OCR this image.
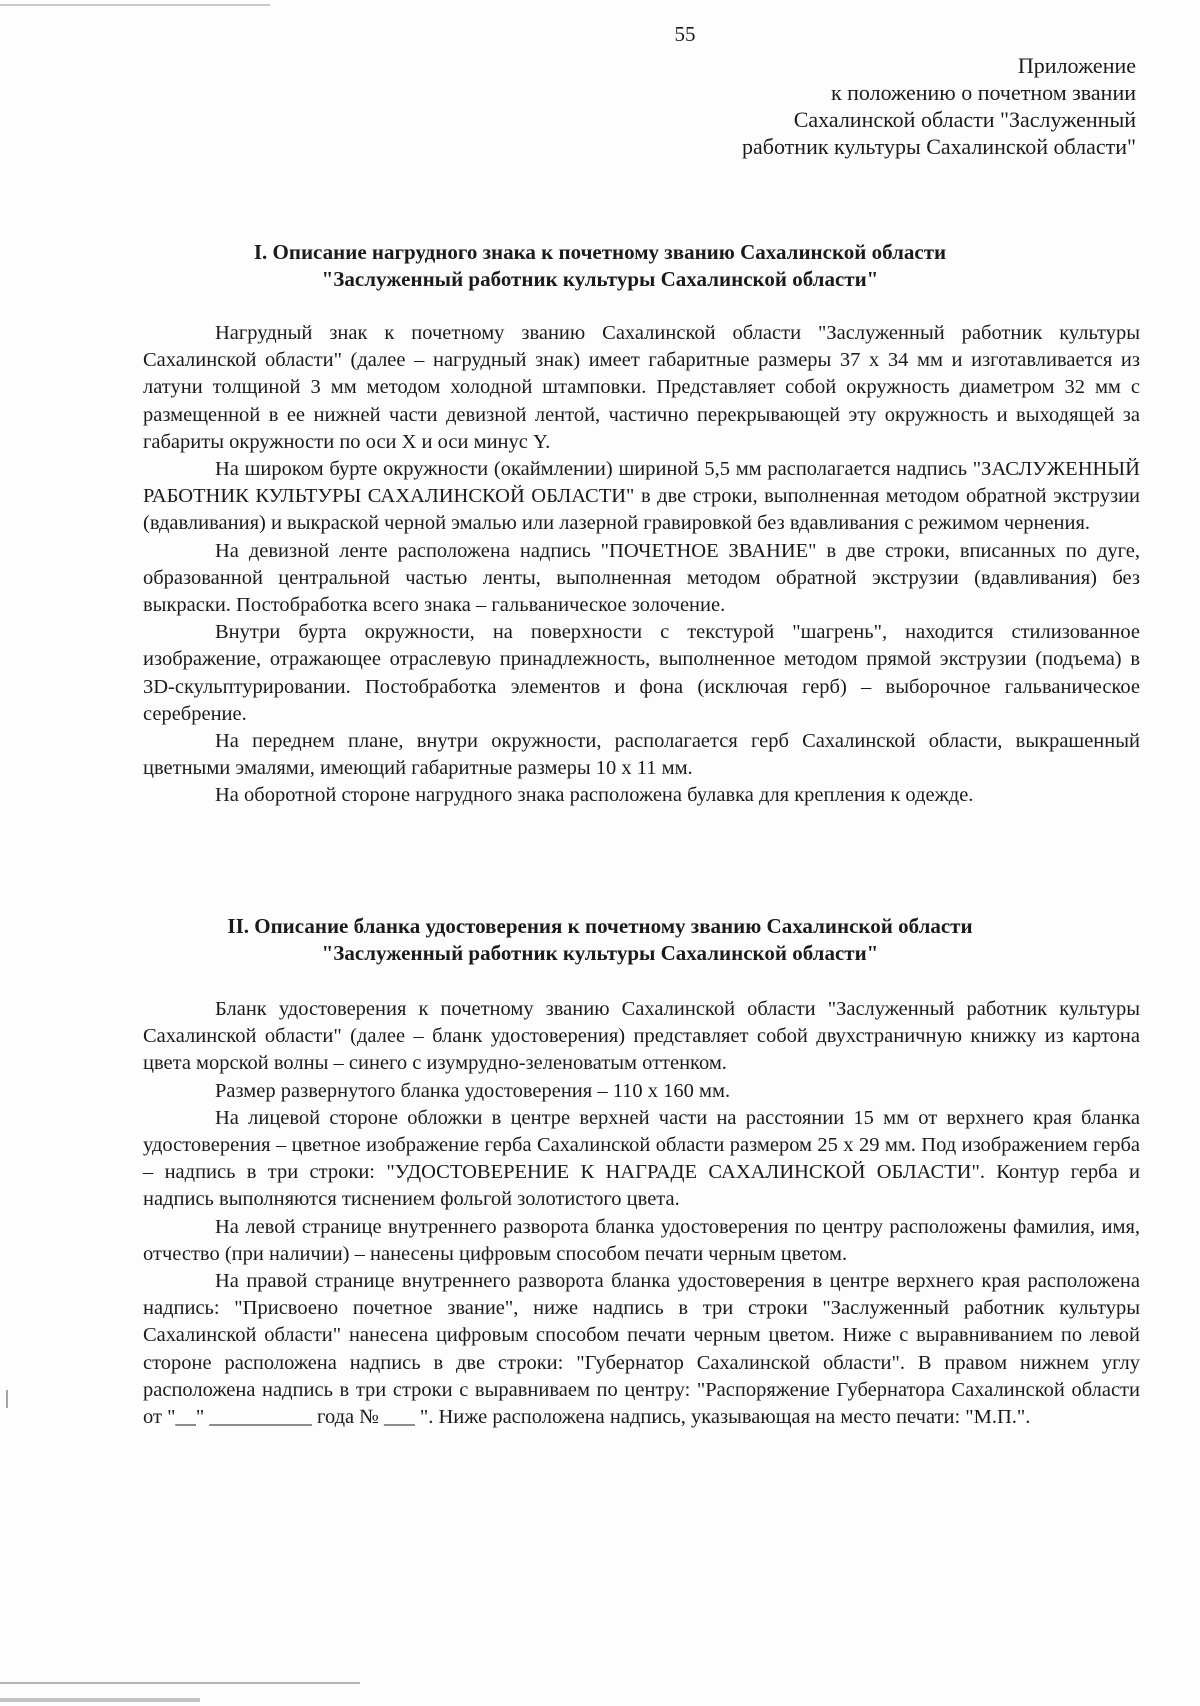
55
Приложение
к положению о почетном звании
Сахалинской области "Заслуженный
работник культуры Сахалинской области"
I. Описание нагрудного знака к почетному званию Сахалинской области
"Заслуженный работник культуры Сахалинской области"

Нагрудный знак к почетному званию Сахалинской области "Заслуженный работник культуры Сахалинской области" (далее – нагрудный знак) имеет габаритные размеры 37 х 34 мм и изготавливается из латуни толщиной 3 мм методом холодной штамповки. Представляет собой окружность диаметром 32 мм с размещенной в ее нижней части девизной лентой, частично перекрывающей эту окружность и выходящей за габариты окружности по оси X и оси минус Y.

На широком бурте окружности (окаймлении) шириной 5,5 мм располагается надпись "ЗАСЛУЖЕННЫЙ РАБОТНИК КУЛЬТУРЫ САХАЛИНСКОЙ ОБЛАСТИ" в две строки, выполненная методом обратной экструзии (вдавливания) и выкраской черной эмалью или лазерной гравировкой без вдавливания с режимом чернения.

На девизной ленте расположена надпись "ПОЧЕТНОЕ ЗВАНИЕ" в две строки, вписанных по дуге, образованной центральной частью ленты, выполненная методом обратной экструзии (вдавливания) без выкраски. Постобработка всего знака – гальваническое золочение.

Внутри бурта окружности, на поверхности с текстурой "шагрень", находится стилизованное изображение, отражающее отраслевую принадлежность, выполненное методом прямой экструзии (подъема) в 3D-скульптурировании. Постобработка элементов и фона (исключая герб) – выборочное гальваническое серебрение.

На переднем плане, внутри окружности, располагается герб Сахалинской области, выкрашенный цветными эмалями, имеющий габаритные размеры 10 х 11 мм.

На оборотной стороне нагрудного знака расположена булавка для крепления к одежде.

II. Описание бланка удостоверения к почетному званию Сахалинской области
"Заслуженный работник культуры Сахалинской области"

Бланк удостоверения к почетному званию Сахалинской области "Заслуженный работник культуры Сахалинской области" (далее – бланк удостоверения) представляет собой двухстраничную книжку из картона цвета морской волны – синего с изумрудно-зеленоватым оттенком.

Размер развернутого бланка удостоверения – 110 х 160 мм.

На лицевой стороне обложки в центре верхней части на расстоянии 15 мм от верхнего края бланка удостоверения – цветное изображение герба Сахалинской области размером 25 х 29 мм. Под изображением герба – надпись в три строки: "УДОСТОВЕРЕНИЕ К НАГРАДЕ САХАЛИНСКОЙ ОБЛАСТИ". Контур герба и надпись выполняются тиснением фольгой золотистого цвета.

На левой странице внутреннего разворота бланка удостоверения по центру расположены фамилия, имя, отчество (при наличии) – нанесены цифровым способом печати черным цветом.

На правой странице внутреннего разворота бланка удостоверения в центре верхнего края расположена надпись: "Присвоено почетное звание", ниже надпись в три строки "Заслуженный работник культуры Сахалинской области" нанесена цифровым способом печати черным цветом. Ниже с выравниванием по левой стороне расположена надпись в две строки: "Губернатор Сахалинской области". В правом нижнем углу расположена надпись в три строки с выравниваем по центру: "Распоряжение Губернатора Сахалинской области от "__" __________ года № ___ ". Ниже расположена надпись, указывающая на место печати: "М.П.".
